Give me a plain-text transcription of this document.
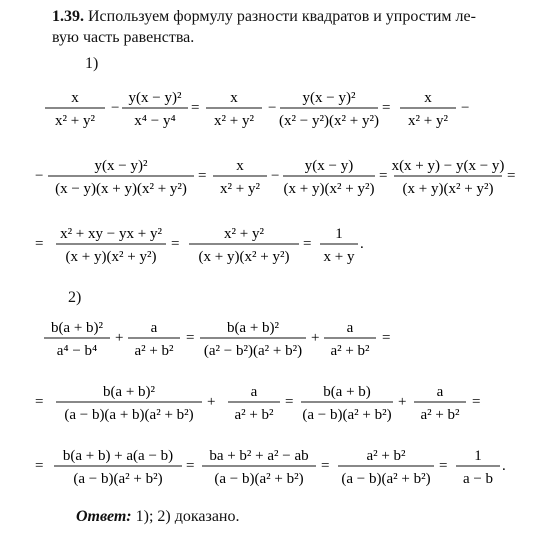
1.39. Используем формулу разности квадратов и упростим ле-
вую часть равенства.
1)
x
x² + y²
−
y(x − y)²
x⁴ − y⁴
=
x
x² + y²
−
y(x − y)²
(x² − y²)(x² + y²)
=
x
x² + y²
−
−
y(x − y)²
(x − y)(x + y)(x² + y²)
=
x
x² + y²
−
y(x − y)
(x + y)(x² + y²)
=
x(x + y) − y(x − y)
(x + y)(x² + y²)
=
=
x² + xy − yx + y²
(x + y)(x² + y²)
=
x² + y²
(x + y)(x² + y²)
=
1
x + y
.
2)
b(a + b)²
a⁴ − b⁴
+
a
a² + b²
=
b(a + b)²
(a² − b²)(a² + b²)
+
a
a² + b²
=
=
b(a + b)²
(a − b)(a + b)(a² + b²)
+
a
a² + b²
=
b(a + b)
(a − b)(a² + b²)
+
a
a² + b²
=
=
b(a + b) + a(a − b)
(a − b)(a² + b²)
=
ba + b² + a² − ab
(a − b)(a² + b²)
=
a² + b²
(a − b)(a² + b²)
=
1
a − b
.
Ответ: 1); 2) доказано.
